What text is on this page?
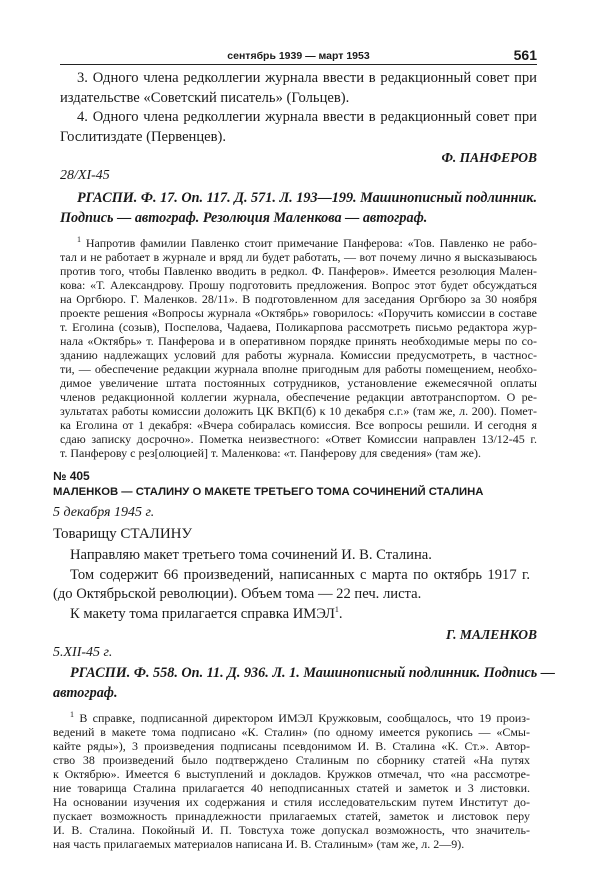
сентябрь 1939 — март 1953	561
3. Одного члена редколлегии журнала ввести в редакционный совет при
издательстве «Советский писатель» (Гольцев).
4. Одного члена редколлегии журнала ввести в редакционный совет при
Гослитиздате (Первенцев).
Ф. ПАНФЕРОВ
28/XI-45
РГАСПИ. Ф. 17. Оп. 117. Д. 571. Л. 193—199. Машинописный подлинник.
Подпись — автограф. Резолюция Маленкова — автограф.
$^1$ Напротив фамилии Павленко стоит примечание Панферова: «Тов. Павленко не рабо-
тал и не работает в журнале и вряд ли будет работать, — вот почему лично я высказываюсь
против того, чтобы Павленко вводить в редкол. Ф. Панферов». Имеется резолюция Мален-
кова: «Т. Александрову. Прошу подготовить предложения. Вопрос этот будет обсуждаться
на Оргбюро. Г. Маленков. 28/11». В подготовленном для заседания Оргбюро за 30 ноября
проекте решения «Вопросы журнала «Октябрь» говорилось: «Поручить комиссии в составе
т. Еголина (созыв), Поспелова, Чадаева, Поликарпова рассмотреть письмо редактора жур-
нала «Октябрь» т. Панферова и в оперативном порядке принять необходимые меры по со-
зданию надлежащих условий для работы журнала. Комиссии предусмотреть, в частнос-
ти, — обеспечение редакции журнала вполне пригодным для работы помещением, необхо-
димое увеличение штата постоянных сотрудников, установление ежемесячной оплаты
членов редакционной коллегии журнала, обеспечение редакции автотранспортом. О ре-
зультатах работы комиссии доложить ЦК ВКП(б) к 10 декабря с.г.» (там же, л. 200). Помет-
ка Еголина от 1 декабря: «Вчера собиралась комиссия. Все вопросы решили. И сегодня я
сдаю записку досрочно». Пометка неизвестного: «Ответ Комиссии направлен 13/12-45 г.
т. Панферову с рез[олюцией] т. Маленкова: «т. Панферову для сведения» (там же).
№ 405
МАЛЕНКОВ — СТАЛИНУ О МАКЕТЕ ТРЕТЬЕГО ТОМА СОЧИНЕНИЙ СТАЛИНА
5 декабря 1945 г.
Товарищу СТАЛИНУ
Направляю макет третьего тома сочинений И. В. Сталина.
Том содержит 66 произведений, написанных с марта по октябрь 1917 г.
(до Октябрьской революции). Объем тома — 22 печ. листа.
К макету тома прилагается справка ИМЭЛ$^1$.
Г. МАЛЕНКОВ
5.XII-45 г.
РГАСПИ. Ф. 558. Оп. 11. Д. 936. Л. 1. Машинописный подлинник. Подпись —
автограф.
$^1$ В справке, подписанной директором ИМЭЛ Кружковым, сообщалось, что 19 произ-
ведений в макете тома подписано «К. Сталин» (по одному имеется рукопись — «Смы-
кайте ряды»), 3 произведения подписаны псевдонимом И. В. Сталина «К. Ст.». Автор-
ство 38 произведений было подтверждено Сталиным по сборнику статей «На путях
к Октябрю». Имеется 6 выступлений и докладов. Кружков отмечал, что «на рассмотре-
ние товарища Сталина прилагается 40 неподписанных статей и заметок и 3 листовки.
На основании изучения их содержания и стиля исследовательским путем Институт до-
пускает возможность принадлежности прилагаемых статей, заметок и листовок перу
И. В. Сталина. Покойный И. П. Товстуха тоже допускал возможность, что значитель-
ная часть прилагаемых материалов написана И. В. Сталиным» (там же, л. 2—9).
